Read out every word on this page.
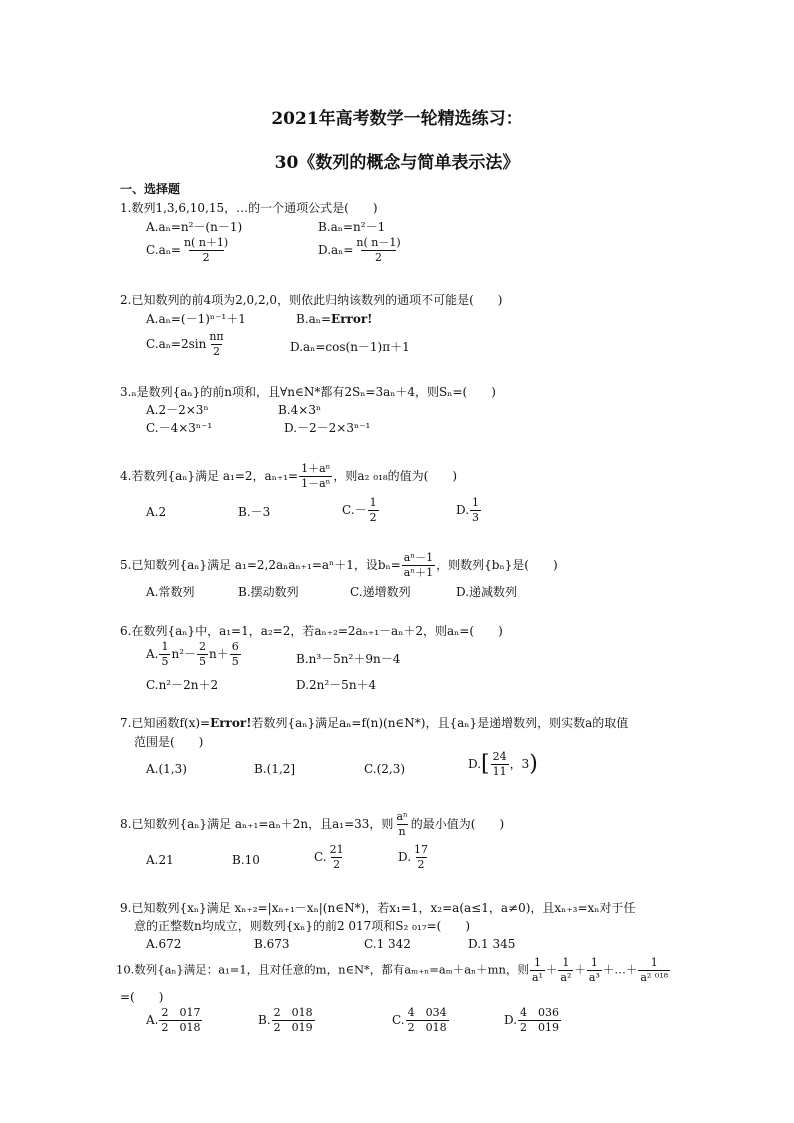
2021年高考数学一轮精选练习：
30《数列的概念与简单表示法》
一、选择题
1.数列1,3,6,10,15，…的一个通项公式是(　　)
A.aₙ=n²－(n－1)	B.aₙ=n²－1
$C.a_n= \frac{n( n+1)}{2}$	$D.a_n= \frac{n( n-1)}{2}$
2.已知数列的前4项为2,0,2,0，则依此归纳该数列的通项不可能是(　　)
A.aₙ=(－1)ⁿ⁻¹＋1	B.aₙ=Error!
$C.a_n=2\sin \frac{n\pi}{2}$	D.aₙ=cos(n－1)π＋1
3.ₙ是数列{aₙ}的前n项和，且∀n∈N*都有2Sₙ=3aₙ＋4，则Sₙ=(　　)
A.2－2×3ⁿ	B.4×3ⁿ
C.－4×3ⁿ⁻¹	D.－2－2×3ⁿ⁻¹
4.若数列{aₙ}满足 a₁=2，$a_{n+1}= \frac{\text{1＋aⁿ}}{\text{1－aⁿ}}$ ，则a₂ ₀₁₈的值为(　　)
A.2	B.－3	$C.- \frac{1}{2}$	D. $\frac{1}{3}$
5.已知数列{aₙ}满足 a₁=2,2aₙaₙ₊₁=aⁿ＋1，设$b_n= \frac{\text{aⁿ－1}}{\text{aⁿ＋1}}$ ，则数列{bₙ}是(　　)
A.常数列	B.摆动数列	C.递增数列	D.递减数列
6.在数列{aₙ}中，a₁=1，a₂=2，若aₙ₊₂=2aₙ₊₁－aₙ＋2，则aₙ=(　　)
A. $\frac{1}{5} n^2- \frac{2}{5} n+ \frac{6}{5}$	B.n³－5n²＋9n－4
C.n²－2n＋2	D.2n²－5n＋4
7.已知函数f(x)=Error!若数列{aₙ}满足aₙ=f(n)(n∈N*)，且{aₙ}是递增数列，则实数a的取值
范围是(　　)
A.(1,3)	B.(1,2]	C.(2,3)	$D.[ \frac{24}{11}$ ，3)
8.已知数列{aₙ}满足 aₙ₊₁=aₙ＋2n，且a₁=33，则 $\frac{\text{aⁿ}}{n}$ 的最小值为(　　)
A.21	B.10	C. $\frac{21}{2}$	D. $\frac{17}{2}$
9.已知数列{xₙ}满足 xₙ₊₂=|xₙ₊₁－xₙ|(n∈N*)，若x₁=1，x₂=a(a≤1，a≠0)，且xₙ₊₃=xₙ对于任
意的正整数n均成立，则数列{xₙ}的前2 017项和S₂ ₀₁₇=(　　)
A.672	B.673	C.1 342	D.1 345
10.数列{aₙ}满足：a₁=1，且对任意的m，n∈N*，都有aₘ₊ₙ=aₘ＋aₙ＋mn，则 $\frac{1}{\text{a¹}} + \frac{1}{\text{a²}} + \frac{1}{\text{a³}}$ ＋…＋ $\frac{1}{\text{a² ⁰¹⁸}}$
=(　　)
A. $\frac{2 017}{2 018}$	B. $\frac{2 018}{2 019}$	C. $\frac{4 034}{2 018}$	D. $\frac{4 036}{2 019}$
